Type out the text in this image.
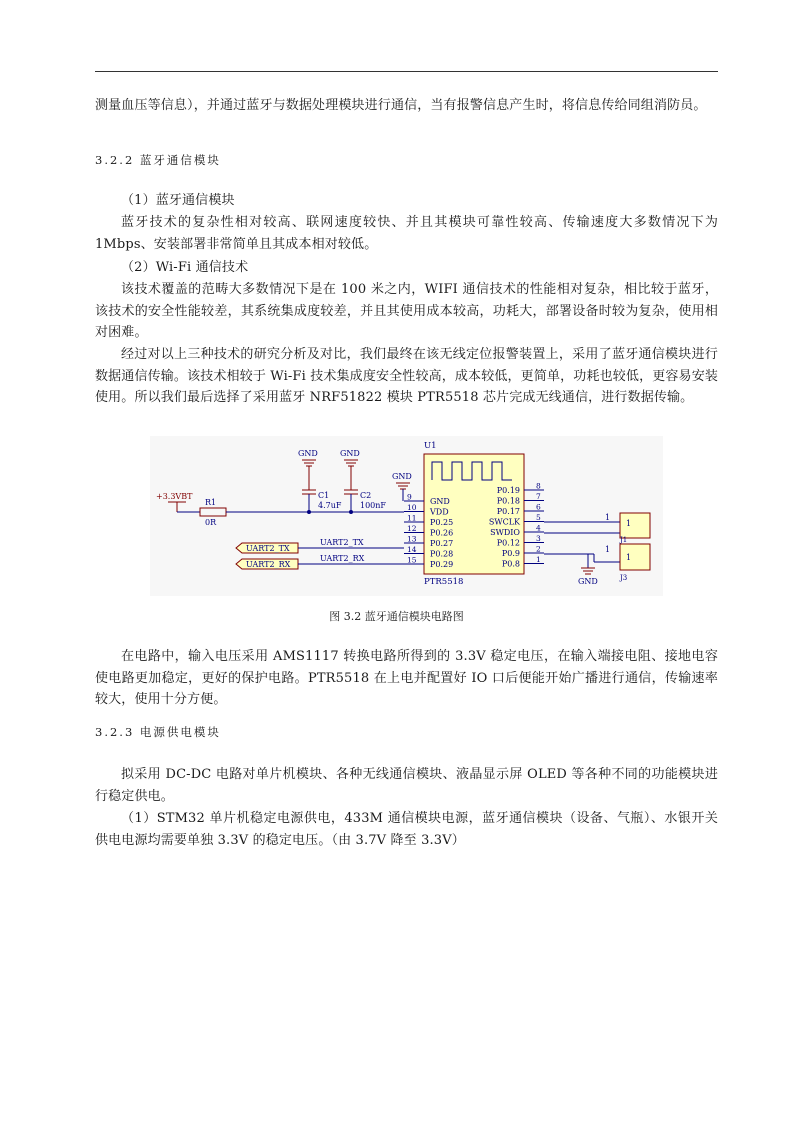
测量血压等信息），并通过蓝牙与数据处理模块进行通信，当有报警信息产生时，将信息传给同组消防员。

3.2.2 蓝牙通信模块

（1）蓝牙通信模块

蓝牙技术的复杂性相对较高、联网速度较快、并且其模块可靠性较高、传输速度大多数情况下为 1Mbps、安装部署非常简单且其成本相对较低。

（2）Wi-Fi 通信技术

该技术覆盖的范畴大多数情况下是在 100 米之内，WIFI 通信技术的性能相对复杂，相比较于蓝牙，该技术的安全性能较差，其系统集成度较差，并且其使用成本较高，功耗大，部署设备时较为复杂，使用相对困难。

经过对以上三种技术的研究分析及对比，我们最终在该无线定位报警装置上，采用了蓝牙通信模块进行数据通信传输。该技术相较于 Wi-Fi 技术集成度安全性较高，成本较低，更简单，功耗也较低，更容易安装使用。所以我们最后选择了采用蓝牙 NRF51822 模块 PTR5518 芯片完成无线通信，进行数据传输。

U1
PTR5518
9 GND
10 VDD
11 P0.25
12 P0.26
13 P0.27
14 P0.28
15 P0.29
8
P0.19
7
P0.18
6
P0.17
5
SWCLK
4
SWDIO
3
P0.12
2
P0.9
1
P0.8
+3.3VBT
R1
0R
GND
C1
4.7uF
GND
C2
100nF
GND
UART2_TX
UART2_TX
UART2_RX
UART2_RX
GND
1
1
J1
1
1
J3

图 3.2 蓝牙通信模块电路图

在电路中，输入电压采用 AMS1117 转换电路所得到的 3.3V 稳定电压，在输入端接电阻、接地电容使电路更加稳定，更好的保护电路。PTR5518 在上电并配置好 IO 口后便能开始广播进行通信，传输速率较大，使用十分方便。

3.2.3 电源供电模块

拟采用 DC-DC 电路对单片机模块、各种无线通信模块、液晶显示屏 OLED 等各种不同的功能模块进行稳定供电。

（1）STM32 单片机稳定电源供电，433M 通信模块电源，蓝牙通信模块（设备、气瓶）、水银开关供电电源均需要单独 3.3V 的稳定电压。（由 3.7V 降至 3.3V）
